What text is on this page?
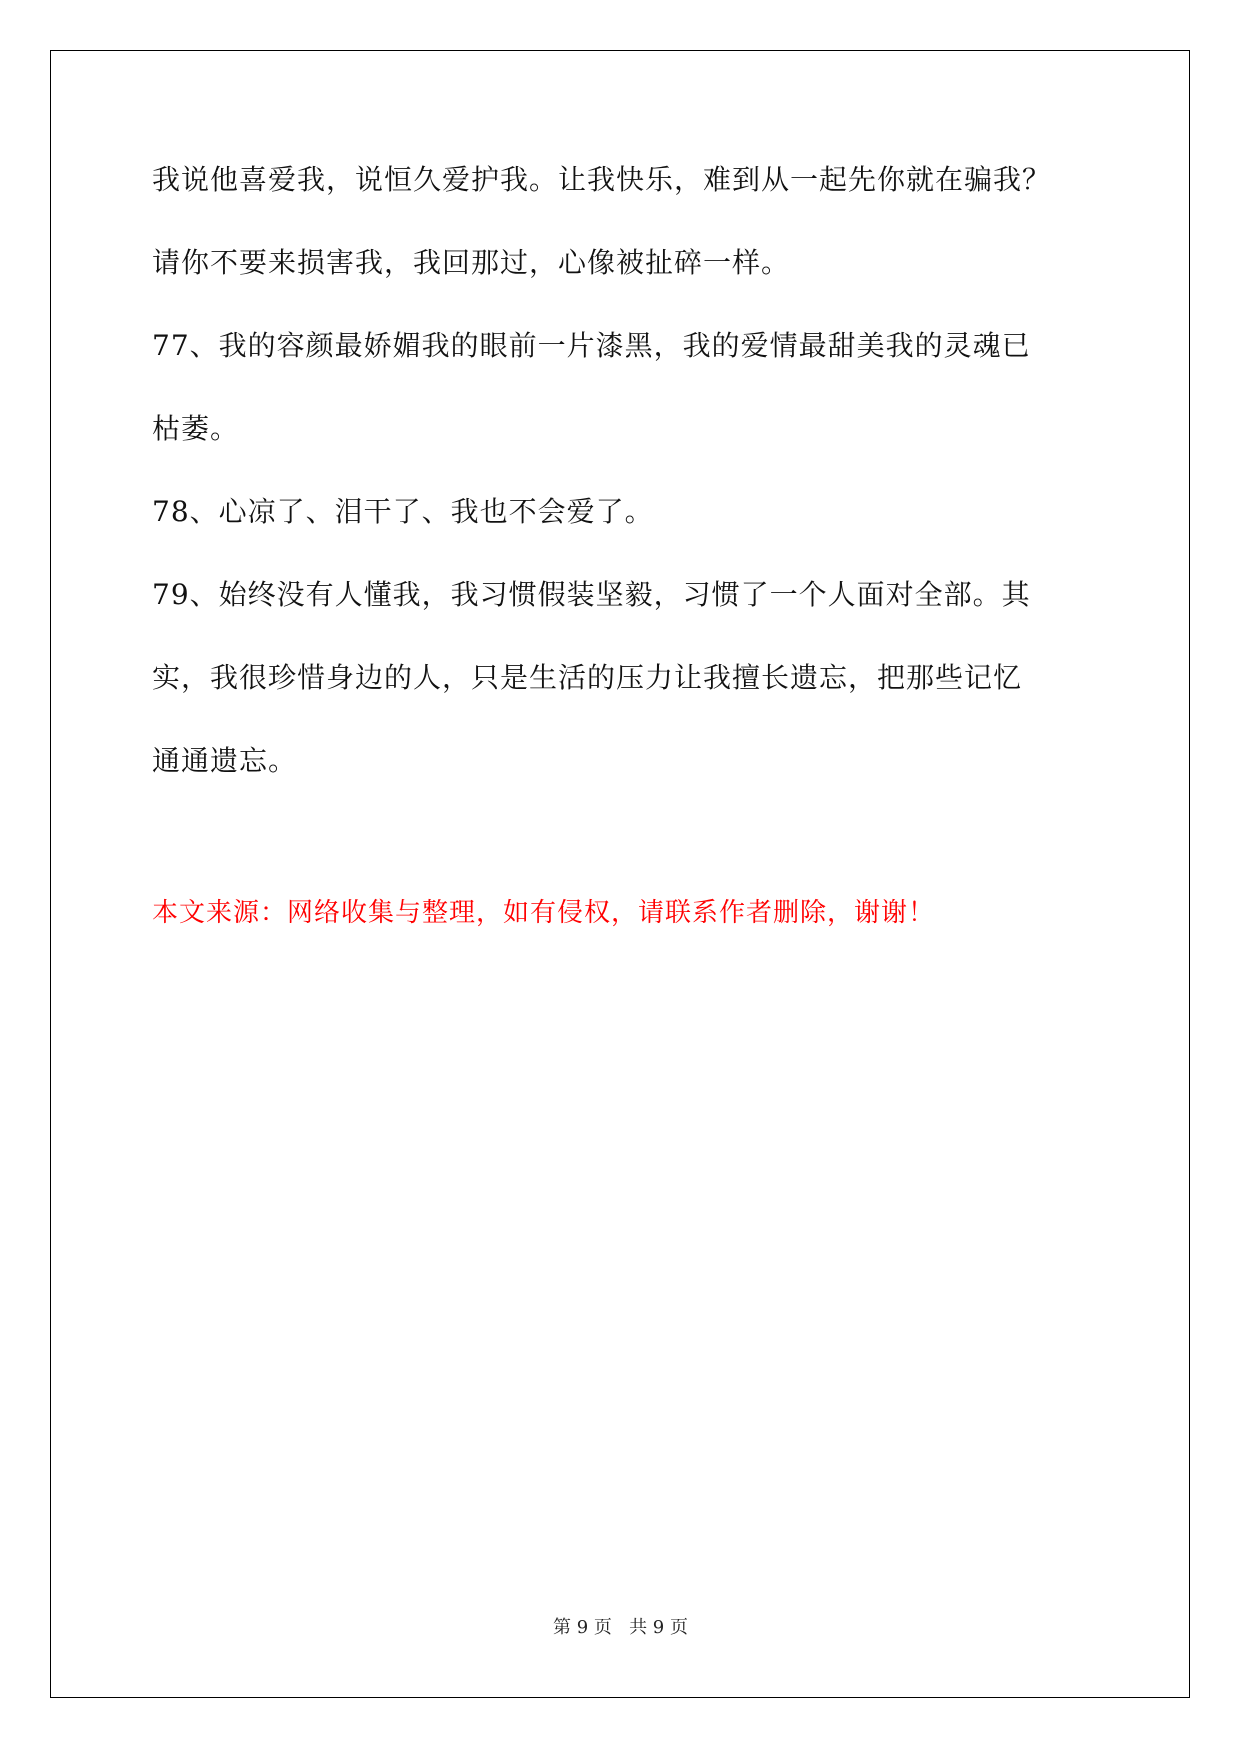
我说他喜爱我，说恒久爱护我。让我快乐，难到从一起先你就在骗我？
请你不要来损害我，我回那过，心像被扯碎一样。
77、我的容颜最娇媚我的眼前一片漆黑，我的爱情最甜美我的灵魂已
枯萎。
78、心凉了、泪干了、我也不会爱了。
79、始终没有人懂我，我习惯假装坚毅，习惯了一个人面对全部。其
实，我很珍惜身边的人，只是生活的压力让我擅长遗忘，把那些记忆
通通遗忘。
本文来源：网络收集与整理，如有侵权，请联系作者删除，谢谢！
第 9 页 共 9 页
